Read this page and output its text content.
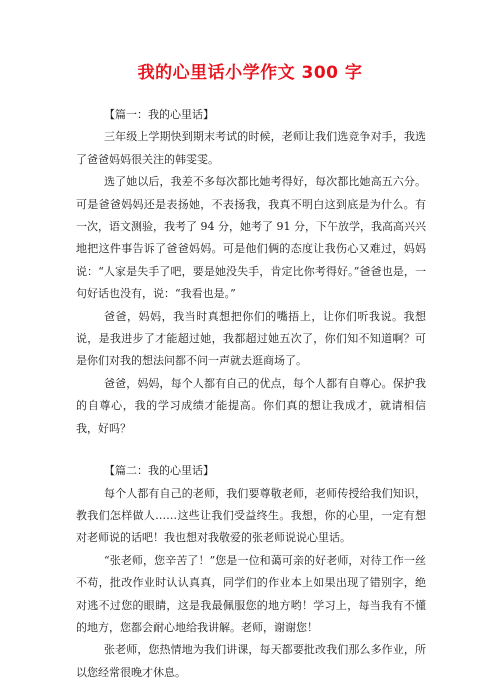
我的心里话小学作文 300 字

【篇一：我的心里话】

三年级上学期快到期末考试的时候，老师让我们选竞争对手，我选了爸爸妈妈很关注的韩雯雯。

选了她以后，我差不多每次都比她考得好，每次都比她高五六分。可是爸爸妈妈还是表扬她，不表扬我，我真不明白这到底是为什么。有一次，语文测验，我考了 94 分，她考了 91 分，下午放学，我高高兴兴地把这件事告诉了爸爸妈妈。可是他们俩的态度让我伤心又难过，妈妈说：“人家是失手了吧，要是她没失手，肯定比你考得好。”爸爸也是，一句好话也没有，说：“我看也是。”

爸爸，妈妈，我当时真想把你们的嘴捂上，让你们听我说。我想说，是我进步了才能超过她，我都超过她五次了，你们知不知道啊？可是你们对我的想法问都不问一声就去逛商场了。

爸爸，妈妈，每个人都有自己的优点，每个人都有自尊心。保护我的自尊心，我的学习成绩才能提高。你们真的想让我成才，就请相信我，好吗？

【篇二：我的心里话】

每个人都有自己的老师，我们要尊敬老师，老师传授给我们知识，教我们怎样做人……这些让我们受益终生。我想，你的心里，一定有想对老师说的话吧！我也想对我敬爱的张老师说说心里话。

“张老师，您辛苦了！”您是一位和蔼可亲的好老师，对待工作一丝不苟，批改作业时认认真真，同学们的作业本上如果出现了错别字，绝对逃不过您的眼睛，这是我最佩服您的地方哟！学习上，每当我有不懂的地方，您都会耐心地给我讲解。老师，谢谢您！

张老师，您热情地为我们讲课，每天都要批改我们那么多作业，所以您经常很晚才休息。
